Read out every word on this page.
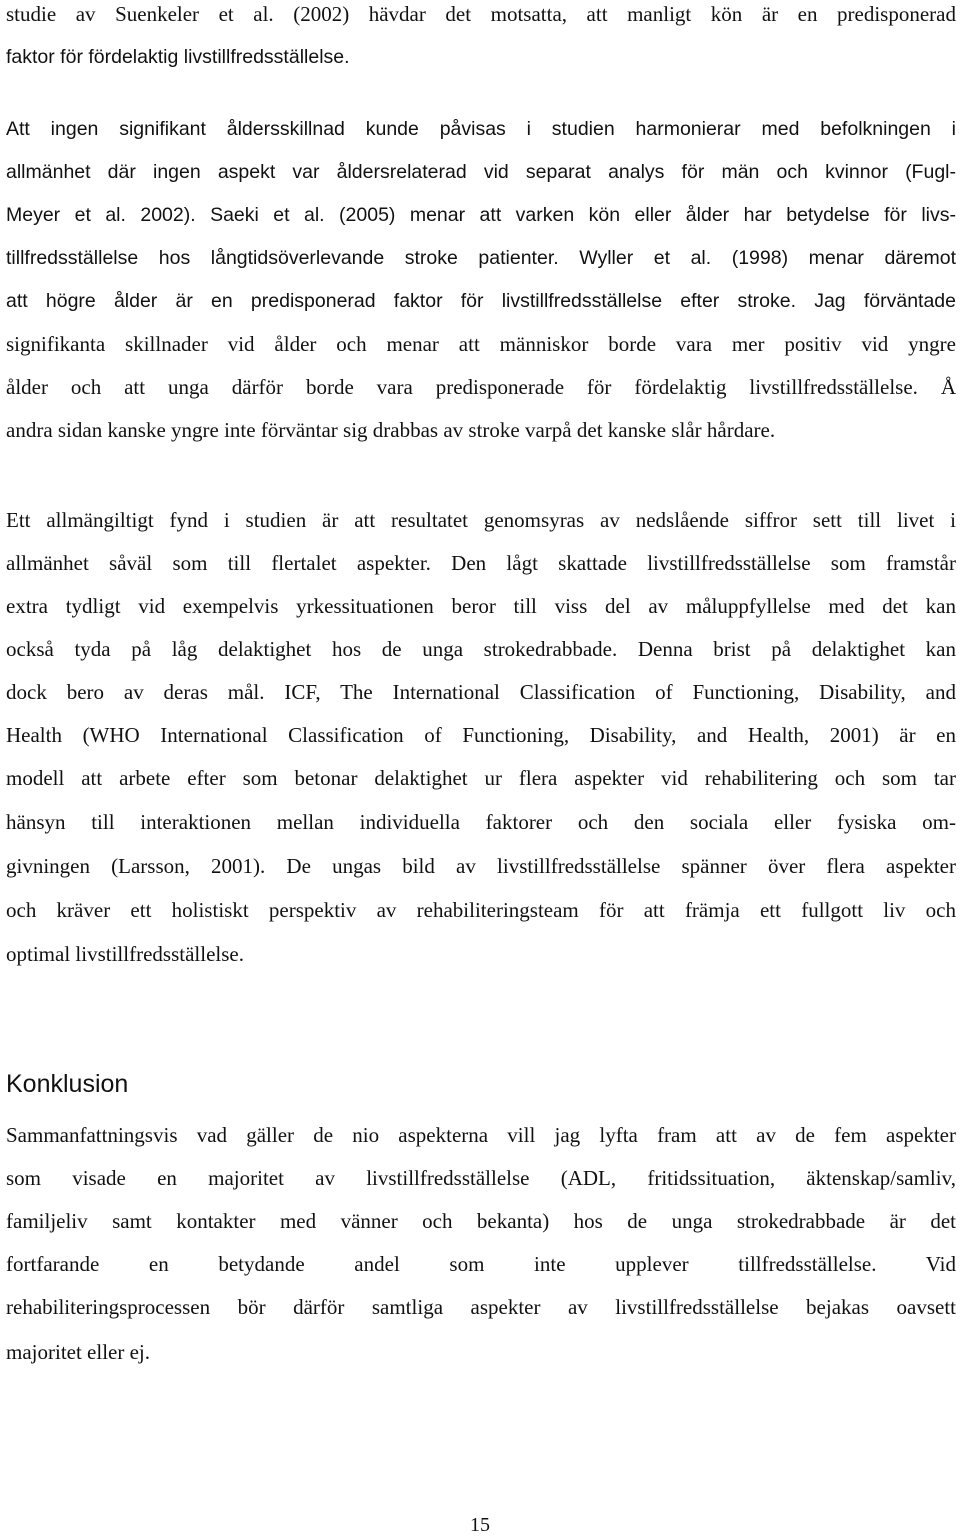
studie av Suenkeler et al. (2002) hävdar det motsatta, att manligt kön är en predisponerad
faktor för fördelaktig livstillfredsställelse.
Att ingen signifikant åldersskillnad kunde påvisas i studien harmonierar med befolkningen i
allmänhet där ingen aspekt var åldersrelaterad vid separat analys för män och kvinnor (Fugl-
Meyer et al. 2002). Saeki et al. (2005) menar att varken kön eller ålder har betydelse för livs-
tillfredsställelse hos långtidsöverlevande stroke patienter. Wyller et al. (1998) menar däremot
att högre ålder är en predisponerad faktor för livstillfredsställelse efter stroke. Jag förväntade
signifikanta skillnader vid ålder och menar att människor borde vara mer positiv vid yngre
ålder och att unga därför borde vara predisponerade för fördelaktig livstillfredsställelse. Å
andra sidan kanske yngre inte förväntar sig drabbas av stroke varpå det kanske slår hårdare.
Ett allmängiltigt fynd i studien är att resultatet genomsyras av nedslående siffror sett till livet i
allmänhet såväl som till flertalet aspekter. Den lågt skattade livstillfredsställelse som framstår
extra tydligt vid exempelvis yrkessituationen beror till viss del av måluppfyllelse med det kan
också tyda på låg delaktighet hos de unga strokedrabbade. Denna brist på delaktighet kan
dock bero av deras mål. ICF, The International Classification of Functioning, Disability, and
Health (WHO International Classification of Functioning, Disability, and Health, 2001) är en
modell att arbete efter som betonar delaktighet ur flera aspekter vid rehabilitering och som tar
hänsyn till interaktionen mellan individuella faktorer och den sociala eller fysiska om-
givningen (Larsson, 2001). De ungas bild av livstillfredsställelse spänner över flera aspekter
och kräver ett holistiskt perspektiv av rehabiliteringsteam för att främja ett fullgott liv och
optimal livstillfredsställelse.
Konklusion
Sammanfattningsvis vad gäller de nio aspekterna vill jag lyfta fram att av de fem aspekter
som visade en majoritet av livstillfredsställelse (ADL, fritidssituation, äktenskap/samliv,
familjeliv samt kontakter med vänner och bekanta) hos de unga strokedrabbade är det
fortfarande en betydande andel som inte upplever tillfredsställelse. Vid
rehabiliteringsprocessen bör därför samtliga aspekter av livstillfredsställelse bejakas oavsett
majoritet eller ej.
15
